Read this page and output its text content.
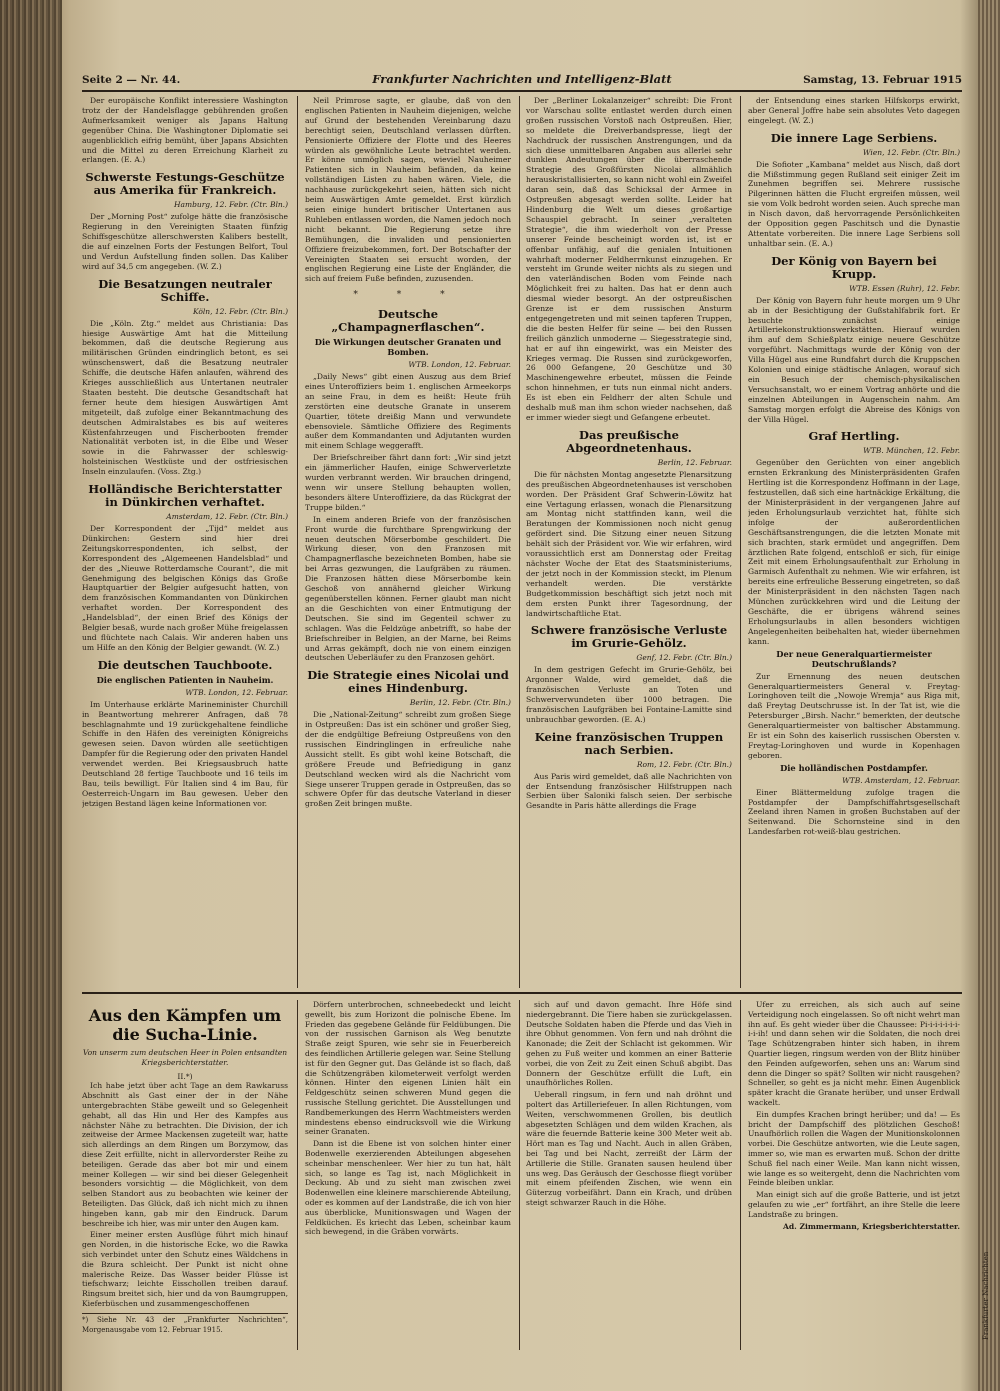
Seite 2 — Nr. 44.	Frankfurter Nachrichten und Intelligenz-Blatt	Samstag, 13. Februar 1915

Der europäische Konflikt interessiere Washington trotz der der Handelsflagge gebührenden großen Aufmerksamkeit weniger als Japans Haltung gegenüber China. Die Washingtoner Diplomatie sei augenblicklich eifrig bemüht, über Japans Absichten und die Mittel zu deren Erreichung Klarheit zu erlangen. (E. A.)

Schwerste Festungs-Geschütze aus Amerika für Frankreich.
Hamburg, 12. Febr. (Ctr. Bln.)

Der „Morning Post“ zufolge hätte die französische Regierung in den Vereinigten Staaten fünfzig Schiffsgeschütze allerschwersten Kalibers bestellt, die auf einzelnen Forts der Festungen Belfort, Toul und Verdun Aufstellung finden sollen. Das Kaliber wird auf 34,5 cm angegeben. (W. Z.)

Die Besatzungen neutraler Schiffe.
Köln, 12. Febr. (Ctr. Bln.)

Die „Köln. Ztg.“ meldet aus Christiania: Das hiesige Auswärtige Amt hat die Mitteilung bekommen, daß die deutsche Regierung aus militärischen Gründen eindringlich betont, es sei wünschenswert, daß die Besatzung neutraler Schiffe, die deutsche Häfen anlaufen, während des Krieges ausschließlich aus Untertanen neutraler Staaten besteht. Die deutsche Gesandtschaft hat ferner heute dem hiesigen Auswärtigen Amt mitgeteilt, daß zufolge einer Bekanntmachung des deutschen Admiralstabes es bis auf weiteres Küstenfahrzeugen und Fischerbooten fremder Nationalität verboten ist, in die Elbe und Weser sowie in die Fahrwasser der schleswig-holsteinischen Westküste und der ostfriesischen Inseln einzulaufen. (Voss. Ztg.)

Holländische Berichterstatter in Dünkirchen verhaftet.
Amsterdam, 12. Febr. (Ctr. Bln.)

Der Korrespondent der „Tijd“ meldet aus Dünkirchen: Gestern sind hier drei Zeitungskorrespondenten, ich selbst, der Korrespondent des „Algemeenen Handelsblad“ und der des „Nieuwe Rotterdamsche Courant“, die mit Genehmigung des belgischen Königs das Große Hauptquartier der Belgier aufgesucht hatten, von dem französischen Kommandanten von Dünkirchen verhaftet worden. Der Korrespondent des „Handelsblad“, der einen Brief des Königs der Belgier besaß, wurde nach großer Mühe freigelassen und flüchtete nach Calais. Wir anderen haben uns um Hilfe an den König der Belgier gewandt. (W. Z.)

Die deutschen Tauchboote.
Die englischen Patienten in Nauheim.
WTB. London, 12. Februar.

Im Unterhause erklärte Marineminister Churchill in Beantwortung mehrerer Anfragen, daß 78 beschlagnahmte und 19 zurückgehaltene feindliche Schiffe in den Häfen des vereinigten Königreichs gewesen seien. Davon würden alle seetüchtigen Dampfer für die Regierung oder den privaten Handel verwendet werden. Bei Kriegsausbruch hatte Deutschland 28 fertige Tauchboote und 16 teils im Bau, teils bewilligt. Für Italien sind 4 im Bau, für Oesterreich-Ungarn im Bau gewesen. Ueber den jetzigen Bestand lägen keine Informationen vor.

Neil Primrose sagte, er glaube, daß von den englischen Patienten in Nauheim diejenigen, welche auf Grund der bestehenden Vereinbarung dazu berechtigt seien, Deutschland verlassen dürften. Pensionierte Offiziere der Flotte und des Heeres würden als gewöhnliche Leute betrachtet werden. Er könne unmöglich sagen, wieviel Nauheimer Patienten sich in Nauheim befänden, da keine vollständigen Listen zu haben wären. Viele, die nachhause zurückgekehrt seien, hätten sich nicht beim Auswärtigen Amte gemeldet. Erst kürzlich seien einige hundert britischer Untertanen aus Ruhleben entlassen worden, die Namen jedoch noch nicht bekannt. Die Regierung setze ihre Bemühungen, die invaliden und pensionierten Offiziere freizubekommen, fort. Der Botschafter der Vereinigten Staaten sei ersucht worden, der englischen Regierung eine Liste der Engländer, die sich auf freiem Fuße befinden, zuzusenden.

* * *
Deutsche „Champagnerflaschen“.
Die Wirkungen deutscher Granaten und Bomben.
WTB. London, 12. Februar.

„Daily News“ gibt einen Auszug aus dem Brief eines Unteroffiziers beim 1. englischen Armeekorps an seine Frau, in dem es heißt: Heute früh zerstörten eine deutsche Granate in unserem Quartier, tötete dreißig Mann und verwundete ebensoviele. Sämtliche Offiziere des Regiments außer dem Kommandanten und Adjutanten wurden mit einem Schlage weggerafft.

Der Briefschreiber fährt dann fort: „Wir sind jetzt ein jämmerlicher Haufen, einige Schwerverletzte wurden verbrannt werden. Wir brauchen dringend, wenn wir unsere Stellung behaupten wollen, besonders ältere Unteroffiziere, da das Rückgrat der Truppe bilden.“

In einem anderen Briefe von der französischen Front wurde die furchtbare Sprengwirkung der neuen deutschen Mörserbombe geschildert. Die Wirkung dieser, von den Franzosen mit Champagnerflasche bezeichneten Bomben, habe sie bei Arras gezwungen, die Laufgräben zu räumen. Die Franzosen hätten diese Mörserbombe kein Geschoß von annähernd gleicher Wirkung gegenüberstellen können. Ferner glaubt man nicht an die Geschichten von einer Entmutigung der Deutschen. Sie sind im Gegenteil schwer zu schlagen. Was die Feldzüge anbetrifft, so habe der Briefschreiber in Belgien, an der Marne, bei Reims und Arras gekämpft, doch nie von einem einzigen deutschen Ueberläufer zu den Franzosen gehört.

Die Strategie eines Nicolai und eines Hindenburg.
Berlin, 12. Febr. (Ctr. Bln.)

Die „National-Zeitung“ schreibt zum großen Siege in Ostpreußen: Das ist ein schöner und großer Sieg, der die endgültige Befreiung Ostpreußens von den russischen Eindringlingen in erfreuliche nahe Aussicht stellt. Es gibt wohl keine Botschaft, die größere Freude und Befriedigung in ganz Deutschland wecken wird als die Nachricht vom Siege unserer Truppen gerade in Ostpreußen, das so schwere Opfer für das deutsche Vaterland in dieser großen Zeit bringen mußte.

Der „Berliner Lokalanzeiger“ schreibt: Die Front vor Warschau sollte entlastet werden durch einen großen russischen Vorstoß nach Ostpreußen. Hier, so meldete die Dreiverbandspresse, liegt der Nachdruck der russischen Anstrengungen, und da sich diese unmittelbaren Angaben aus allerlei sehr dunklen Andeutungen über die überraschende Strategie des Großfürsten Nicolai allmählich herauskristallisierten, so kann nicht wohl ein Zweifel daran sein, daß das Schicksal der Armee in Ostpreußen abgesagt werden sollte. Leider hat Hindenburg die Welt um dieses großartige Schauspiel gebracht. In seiner „veralteten Strategie“, die ihm wiederholt von der Presse unserer Feinde bescheinigt worden ist, ist er offenbar unfähig, auf die genialen Intuitionen wahrhaft moderner Feldherrnkunst einzugehen. Er versteht im Grunde weiter nichts als zu siegen und den vaterländischen Boden vom Feinde nach Möglichkeit frei zu halten. Das hat er denn auch diesmal wieder besorgt. An der ostpreußischen Grenze ist er dem russischen Ansturm entgegengetreten und mit seinen tapferen Truppen, die die besten Helfer für seine — bei den Russen freilich gänzlich unmoderne — Siegesstrategie sind, hat er auf ihn eingewirkt, was ein Meister des Krieges vermag. Die Russen sind zurückgeworfen, 26 000 Gefangene, 20 Geschütze und 30 Maschinengewehre erbeutet, müssen die Feinde schon hinnehmen, er tuts nun einmal nicht anders. Es ist eben ein Feldherr der alten Schule und deshalb muß man ihm schon wieder nachsehen, daß er immer wieder siegt und Gefangene erbeutet.

Das preußische Abgeordnetenhaus.
Berlin, 12. Februar.

Die für nächsten Montag angesetzte Plenarsitzung des preußischen Abgeordnetenhauses ist verschoben worden. Der Präsident Graf Schwerin-Löwitz hat eine Vertagung erlassen, wonach die Plenarsitzung am Montag nicht stattfinden kann, weil die Beratungen der Kommissionen noch nicht genug gefördert sind. Die Sitzung einer neuen Sitzung behält sich der Präsident vor. Wie wir erfahren, wird voraussichtlich erst am Donnerstag oder Freitag nächster Woche der Etat des Staatsministeriums, der jetzt noch in der Kommission steckt, im Plenum verhandelt werden. Die verstärkte Budgetkommission beschäftigt sich jetzt noch mit dem ersten Punkt ihrer Tagesordnung, der landwirtschaftliche Etat.

Schwere französische Verluste im Grurie-Gehölz.
Genf, 12. Febr. (Ctr. Bln.)

In dem gestrigen Gefecht im Grurie-Gehölz, bei Argonner Walde, wird gemeldet, daß die französischen Verluste an Toten und Schwerverwundeten über 1000 betragen. Die französischen Laufgräben bei Fontaine-Lamitte sind unbrauchbar geworden. (E. A.)

Keine französischen Truppen nach Serbien.
Rom, 12. Febr. (Ctr. Bln.)

Aus Paris wird gemeldet, daß alle Nachrichten von der Entsendung französischer Hilfstruppen nach Serbien über Saloniki falsch seien. Der serbische Gesandte in Paris hätte allerdings die Frage

der Entsendung eines starken Hilfskorps erwirkt, aber General Joffre habe sein absolutes Veto dagegen eingelegt. (W. Z.)

Die innere Lage Serbiens.
Wien, 12. Febr. (Ctr. Bln.)

Die Sofioter „Kambana“ meldet aus Nisch, daß dort die Mißstimmung gegen Rußland seit einiger Zeit im Zunehmen begriffen sei. Mehrere russische Pilgerinnen hätten die Flucht ergreifen müssen, weil sie vom Volk bedroht worden seien. Auch spreche man in Nisch davon, daß hervorragende Persönlichkeiten der Opposition gegen Paschitsch und die Dynastie Attentate vorbereiten. Die innere Lage Serbiens soll unhaltbar sein. (E. A.)

Der König von Bayern bei Krupp.
WTB. Essen (Ruhr), 12. Febr.

Der König von Bayern fuhr heute morgen um 9 Uhr ab in der Besichtigung der Gußstahlfabrik fort. Er besuchte zunächst einige Artilleriekonstruktionswerkstätten. Hierauf wurden ihm auf dem Schießplatz einige neuere Geschütze vorgeführt. Nachmittags wurde der König von der Villa Hügel aus eine Rundfahrt durch die Kruppschen Kolonien und einige städtische Anlagen, worauf sich ein Besuch der chemisch-physikalischen Versuchsanstalt, wo er einem Vortrag anhörte und die einzelnen Abteilungen in Augenschein nahm. Am Samstag morgen erfolgt die Abreise des Königs von der Villa Hügel.

Graf Hertling.
WTB. München, 12. Febr.

Gegenüber den Gerüchten von einer angeblich ernsten Erkrankung des Ministerpräsidenten Grafen Hertling ist die Korrespondenz Hoffmann in der Lage, festzustellen, daß sich eine hartnäckige Erkältung, die der Ministerpräsident in der vergangenen Jahre auf jeden Erholungsurlaub verzichtet hat, fühlte sich infolge der außerordentlichen Geschäftsanstrengungen, die die letzten Monate mit sich brachten, stark ermüdet und angegriffen. Dem ärztlichen Rate folgend, entschloß er sich, für einige Zeit mit einem Erholungsaufenthalt zur Erholung in Garmisch Aufenthalt zu nehmen. Wie wir erfahren, ist bereits eine erfreuliche Besserung eingetreten, so daß der Ministerpräsident in den nächsten Tagen nach München zurückkehren wird und die Leitung der Geschäfte, die er übrigens während seines Erholungsurlaubs in allen besonders wichtigen Angelegenheiten beibehalten hat, wieder übernehmen kann.

Der neue Generalquartiermeister Deutschrußlands?

Zur Ernennung des neuen deutschen Generalquartiermeisters General v. Freytag-Loringhoven teilt die „Nowoje Wremja“ aus Riga mit, daß Freytag Deutschrusse ist. In der Tat ist, wie die Petersburger „Birsh. Nachr.“ bemerkten, der deutsche Generalquartiermeister von baltischer Abstammung. Er ist ein Sohn des kaiserlich russischen Obersten v. Freytag-Loringhoven und wurde in Kopenhagen geboren.

Die holländischen Postdampfer.
WTB. Amsterdam, 12. Februar.

Einer Blättermeldung zufolge tragen die Postdampfer der Dampfschiffahrtsgesellschaft Zeeland ihren Namen in großen Buchstaben auf der Seitenwand. Die Schornsteine sind in den Landesfarben rot-weiß-blau gestrichen.

Aus den Kämpfen um die Sucha-Linie.
Von unserm zum deutschen Heer in Polen entsandten Kriegsberichterstatter.
II.*)

Ich habe jetzt über acht Tage an dem Rawkaruss Abschnitt als Gast einer der in der Nähe untergebrachten Stäbe geweilt und so Gelegenheit gehabt, all das Hin und Her des Kampfes aus nächster Nähe zu betrachten. Die Division, der ich zeitweise der Armee Mackensen zugeteilt war, hatte sich allerdings an dem Ringen um Borzymow, das diese Zeit erfüllte, nicht in allervorderster Reihe zu beteiligen. Gerade das aber bot mir und einem meiner Kollegen — wir sind bei dieser Gelegenheit besonders vorsichtig — die Möglichkeit, von dem selben Standort aus zu beobachten wie keiner der Beteiligten. Das Glück, daß ich nicht mich zu ihnen hingeben kann, gab mir den Eindruck. Darum beschreibe ich hier, was mir unter den Augen kam.

Einer meiner ersten Ausflüge führt mich hinauf gen Norden, in die historische Ecke, wo die Rawka sich verbindet unter den Schutz eines Wäldchens in die Bzura schleicht. Der Punkt ist nicht ohne malerische Reize. Das Wasser beider Flüsse ist tiefschwarz; leichte Eisschollen treiben darauf. Ringsum breitet sich, hier und da von Baumgruppen, Kieferbüschen und zusammengeschoffenen

*) Siehe Nr. 43 der „Frankfurter Nachrichten“, Morgenausgabe vom 12. Februar 1915.

Dörfern unterbrochen, schneebedeckt und leicht gewellt, bis zum Horizont die polnische Ebene. Im Frieden das gegebene Gelände für Feldübungen. Die von der russischen Garnison als Weg benutzte Straße zeigt Spuren, wie sehr sie in Feuerbereich des feindlichen Artillerie gelegen war. Seine Stellung ist für den Gegner gut. Das Gelände ist so flach, daß die Schützengräben kilometerweit verfolgt werden können. Hinter den eigenen Linien hält ein Feldgeschütz seinen schweren Mund gegen die russische Stellung gerichtet. Die Ausstellungen und Randbemerkungen des Herrn Wachtmeisters werden mindestens ebenso eindrucksvoll wie die Wirkung seiner Granaten.

Dann ist die Ebene ist von solchen hinter einer Bodenwelle exerzierenden Abteilungen abgesehen scheinbar menschenleer. Wer hier zu tun hat, hält sich, so lange es Tag ist, nach Möglichkeit in Deckung. Ab und zu sieht man zwischen zwei Bodenwellen eine kleinere marschierende Abteilung, oder es kommen auf der Landstraße, die ich von hier aus überblicke, Munitionswagen und Wagen der Feldküchen. Es kriecht das Leben, scheinbar kaum sich bewegend, in die Gräben vorwärts.

sich auf und davon gemacht. Ihre Höfe sind niedergebrannt. Die Tiere haben sie zurückgelassen. Deutsche Soldaten haben die Pferde und das Vieh in ihre Obhut genommen. Von fern und nah dröhnt die Kanonade; die Zeit der Schlacht ist gekommen. Wir gehen zu Fuß weiter und kommen an einer Batterie vorbei, die von Zeit zu Zeit einen Schuß abgibt. Das Donnern der Geschütze erfüllt die Luft, ein unaufhörliches Rollen.

Ueberall ringsum, in fern und nah dröhnt und poltert das Artilleriefeuer. In allen Richtungen, vom Weiten, verschwommenen Grollen, bis deutlich abgesetzten Schlägen und dem wilden Krachen, als wäre die feuernde Batterie keine 300 Meter weit ab. Hört man es Tag und Nacht. Auch in allen Gräben, bei Tag und bei Nacht, zerreißt der Lärm der Artillerie die Stille. Granaten sausen heulend über uns weg. Das Geräusch der Geschosse fliegt vorüber mit einem pfeifenden Zischen, wie wenn ein Güterzug vorbeifährt. Dann ein Krach, und drüben steigt schwarzer Rauch in die Höhe.

Ufer zu erreichen, als sich auch auf seine Verteidigung noch eingelassen. So oft nicht wehrt man ihn auf. Es geht wieder über die Chaussee: Pi-i-i-i-i-i-i-i-i-ih! und dann sehen wir die Soldaten, die noch drei Tage Schützengraben hinter sich haben, in ihrem Quartier liegen, ringsum werden von der Blitz hinüber den Feinden aufgeworfen, sehen uns an: Warum sind denn die Dinger so spät? Sollten wir nicht rausgehen? Schneller, so geht es ja nicht mehr. Einen Augenblick später kracht die Granate herüber, und unser Erdwall wackelt.

Ein dumpfes Krachen bringt herüber; und da! — Es bricht der Dampfschiff des plötzlichen Geschoß! Unaufhörlich rollen die Wagen der Munitionskolonnen vorbei. Die Geschütze antworten, wie die Leute sagen, immer so, wie man es erwarten muß. Schon der dritte Schuß fiel nach einer Weile. Man kann nicht wissen, wie lange es so weitergeht, denn die Nachrichten vom Feinde bleiben unklar.

Man einigt sich auf die große Batterie, und ist jetzt gelaufen zu wie „er“ fortfährt, an ihre Stelle die leere Landstraße zu bringen.

Ad. Zimmermann, Kriegsberichterstatter.
Frankfurter Nachrichten
